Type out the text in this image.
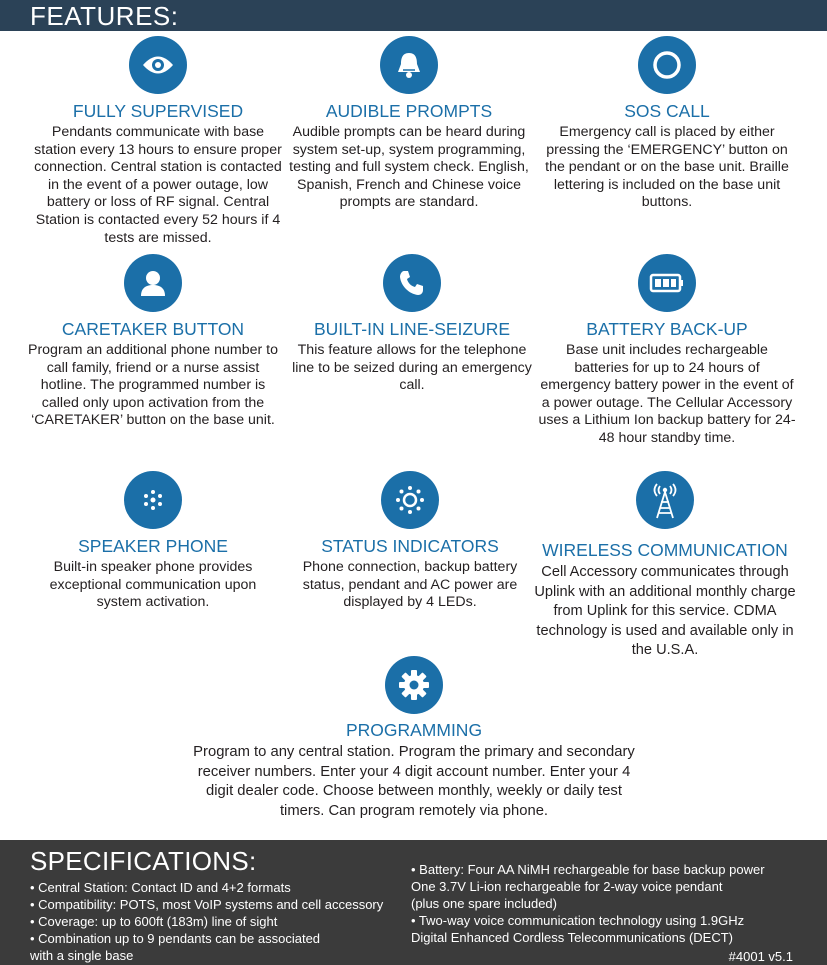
FEATURES:
FULLY SUPERVISED

Pendants communicate with base station every 13 hours to ensure proper connection. Central station is contacted in the event of a power outage, low battery or loss of RF signal. Central Station is contacted every 52 hours if 4 tests are missed.

AUDIBLE PROMPTS

Audible prompts can be heard during system set-up, system programming, testing and full system check. English, Spanish, French and Chinese voice prompts are standard.

SOS CALL

Emergency call is placed by either pressing the ‘EMERGENCY’ button on the pendant or on the base unit. Braille lettering is included on the base unit buttons.

CARETAKER BUTTON

Program an additional phone number to call family, friend or a nurse assist hotline. The programmed number is called only upon activation from the ‘CARETAKER’ button on the base unit.

BUILT-IN LINE-SEIZURE

This feature allows for the telephone line to be seized during an emergency call.

BATTERY BACK-UP

Base unit includes rechargeable batteries for up to 24 hours of emergency battery power in the event of a power outage. The Cellular Accessory uses a Lithium Ion backup battery for 24-48 hour standby time.

SPEAKER PHONE

Built-in speaker phone provides exceptional communication upon system activation.

STATUS INDICATORS

Phone connection, backup battery status, pendant and AC power are displayed by 4 LEDs.

WIRELESS COMMUNICATION

Cell Accessory communicates through Uplink with an additional monthly charge from Uplink for this service. CDMA technology is used and available only in the U.S.A.

PROGRAMMING

Program to any central station. Program the primary and secondary receiver numbers. Enter your 4 digit account number. Enter your 4 digit dealer code. Choose between monthly, weekly or daily test timers. Can program remotely via phone.

SPECIFICATIONS:
• Central Station: Contact ID and 4+2 formats
• Compatibility: POTS, most VoIP systems and cell accessory
• Coverage: up to 600ft (183m) line of sight
• Combination up to 9 pendants can be associated
with a single base
• Battery: Four AA NiMH rechargeable for base backup power
One 3.7V Li-ion rechargeable for 2-way voice pendant
(plus one spare included)
• Two-way voice communication technology using 1.9GHz
Digital Enhanced Cordless Telecommunications (DECT)
#4001 v5.1
